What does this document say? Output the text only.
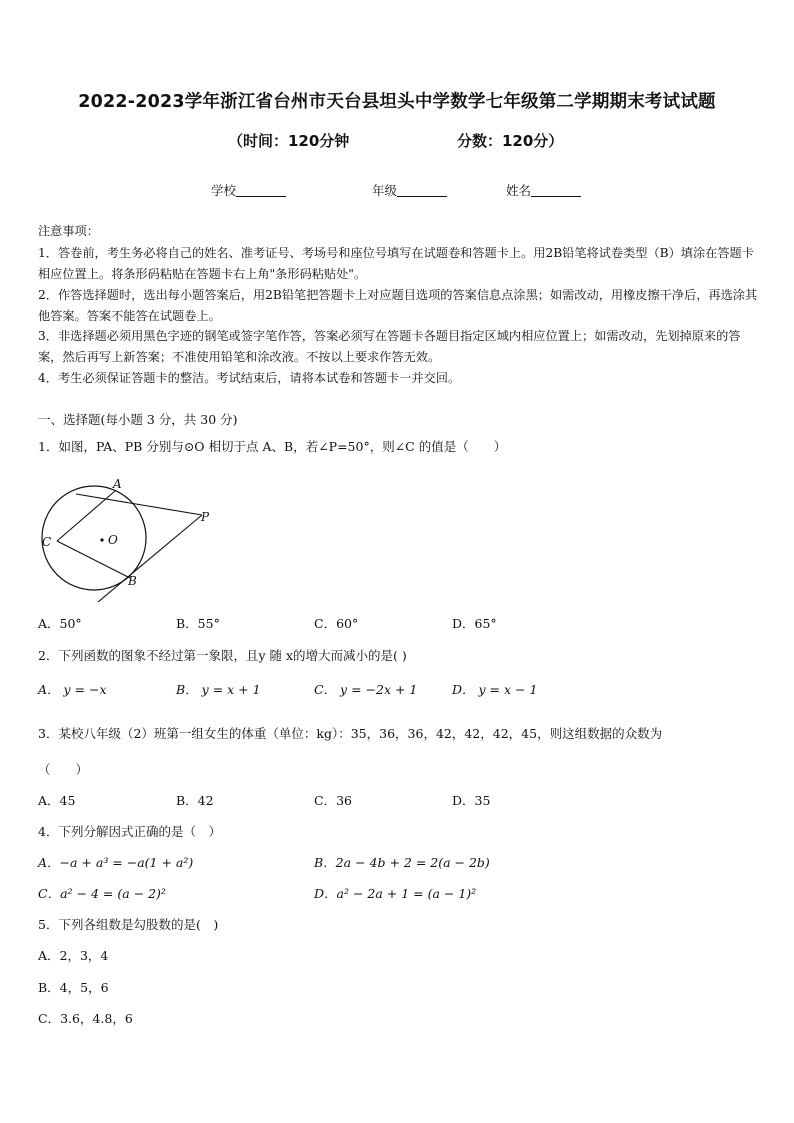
2022-2023学年浙江省台州市天台县坦头中学数学七年级第二学期期末考试试题
（时间：120分钟	分数：120分）
学校	年级	姓名
注意事项：
1．答卷前，考生务必将自己的姓名、准考证号、考场号和座位号填写在试题卷和答题卡上。用2B铅笔将试卷类型（B）填涂在答题卡相应位置上。将条形码粘贴在答题卡右上角"条形码粘贴处"。
2．作答选择题时，选出每小题答案后，用2B铅笔把答题卡上对应题目选项的答案信息点涂黑；如需改动，用橡皮擦干净后，再选涂其他答案。答案不能答在试题卷上。
3．非选择题必须用黑色字迹的钢笔或签字笔作答，答案必须写在答题卡各题目指定区域内相应位置上；如需改动，先划掉原来的答案，然后再写上新答案；不准使用铅笔和涂改液。不按以上要求作答无效。
4．考生必须保证答题卡的整洁。考试结束后，请将本试卷和答题卡一并交回。
一、选择题(每小题 3 分，共 30 分)
1．如图，PA、PB 分别与⊙O 相切于点 A、B，若∠P=50°，则∠C 的值是（　　）
A
P
C	O
B
A．50°	B．55°	C．60°	D．65°
2．下列函数的图象不经过第一象限，且y 随 x的增大而减小的是( )
A． y = −x	B． y = x + 1	C． y = −2x + 1	D． y = x − 1
3．某校八年级（2）班第一组女生的体重（单位：kg）：35，36，36，42，42，42，45，则这组数据的众数为
（　　）
A．45	B．42	C．36	D．35
4．下列分解因式正确的是（　）
A．−a + a³ = −a(1 + a²)	B．2a − 4b + 2 = 2(a − 2b)
C．a² − 4 = (a − 2)²	D．a² − 2a + 1 = (a − 1)²
5．下列各组数是勾股数的是(　)
A．2，3，4
B．4，5，6
C．3.6，4.8，6
